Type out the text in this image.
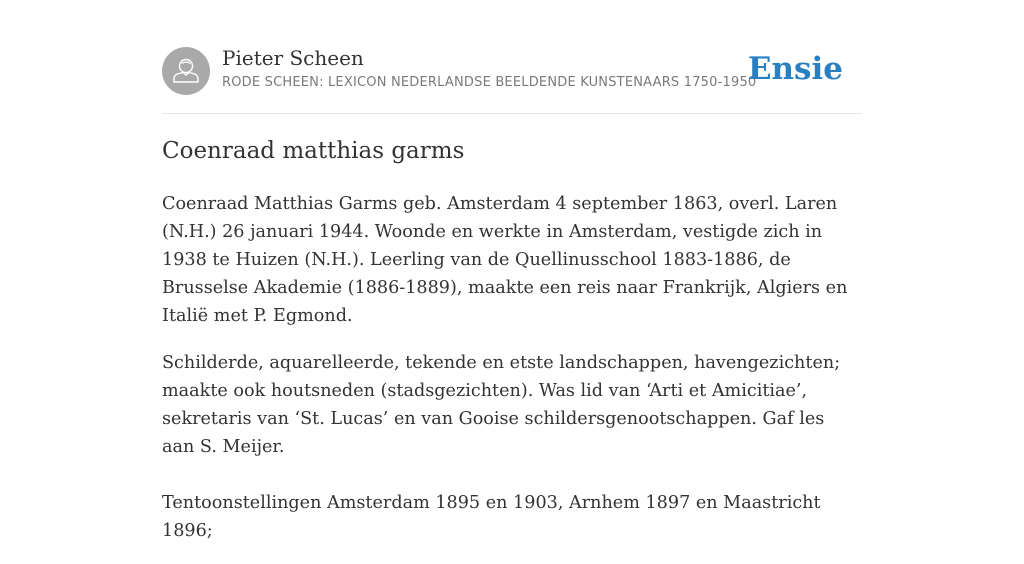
Pieter Scheen
RODE SCHEEN: LEXICON NEDERLANDSE BEELDENDE KUNSTENAARS 1750-1950
Ensie
Coenraad matthias garms

Coenraad Matthias Garms geb. Amsterdam 4 september 1863, overl. Laren (N.H.) 26 januari 1944. Woonde en werkte in Amsterdam, vestigde zich in 1938 te Huizen (N.H.). Leerling van de Quellinusschool 1883-1886, de Brusselse Akademie (1886-1889), maakte een reis naar Frankrijk, Algiers en Italië met P. Egmond.

Schilderde, aquarelleerde, tekende en etste landschappen, havengezichten; maakte ook houtsneden (stadsgezichten). Was lid van ‘Arti et Amicitiae’, sekretaris van ‘St. Lucas’ en van Gooise schildersgenootschappen. Gaf les aan S. Meijer.

Tentoonstellingen Amsterdam 1895 en 1903, Arnhem 1897 en Maastricht 1896;
